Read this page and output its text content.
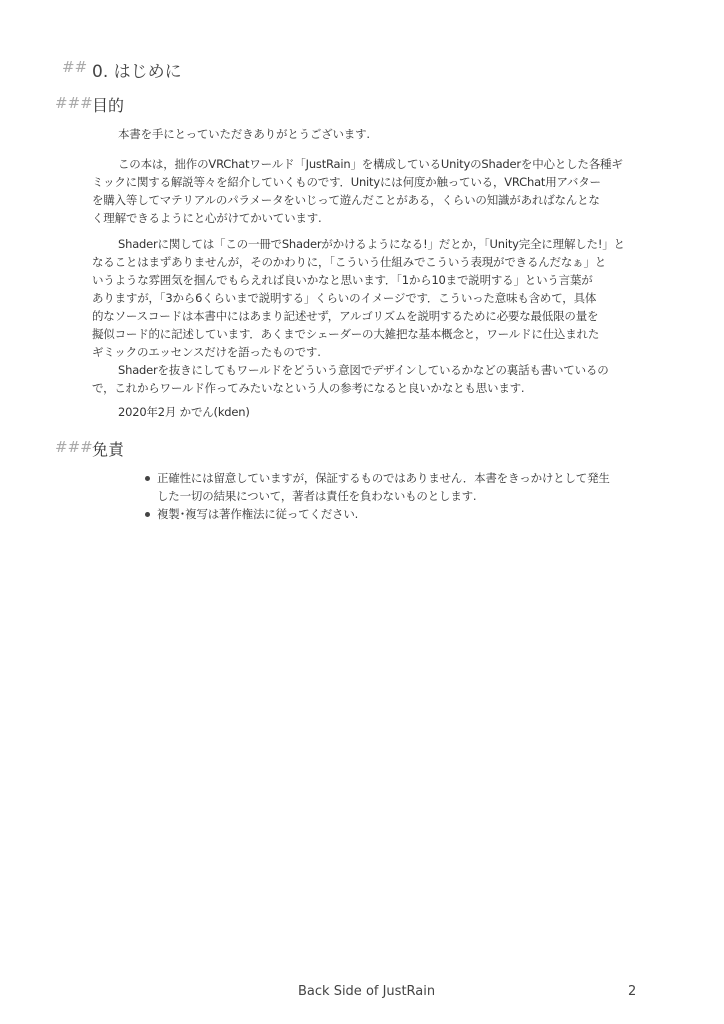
## 0. はじめに
### 目的
本書を手にとっていただきありがとうございます.
この本は，拙作のVRChatワールド「JustRain」を構成しているUnityのShaderを中心とした各種ギ
ミックに関する解説等々を紹介していくものです．Unityには何度か触っている，VRChat用アバター
を購入等してマテリアルのパラメータをいじって遊んだことがある，くらいの知識があればなんとな
く理解できるようにと心がけてかいています.
Shaderに関しては「この一冊でShaderがかけるようになる!」だとか，「Unity完全に理解した!」と
なることはまずありませんが，そのかわりに，「こういう仕組みでこういう表現ができるんだなぁ」と
いうような雰囲気を掴んでもらえれば良いかなと思います．「1から10まで説明する」という言葉が
ありますが，「3から6くらいまで説明する」くらいのイメージです．こういった意味も含めて，具体
的なソースコードは本書中にはあまり記述せず，アルゴリズムを説明するために必要な最低限の量を
擬似コード的に記述しています．あくまでシェーダーの大雑把な基本概念と，ワールドに仕込まれた
ギミックのエッセンスだけを語ったものです.
Shaderを抜きにしてもワールドをどういう意図でデザインしているかなどの裏話も書いているの
で，これからワールド作ってみたいなという人の参考になると良いかなとも思います.
2020年2月 かでん(kden)
### 免責
正確性には留意していますが，保証するものではありません．本書をきっかけとして発生
した一切の結果について，著者は責任を負わないものとします.
複製･複写は著作権法に従ってください.
Back Side of JustRain	2
